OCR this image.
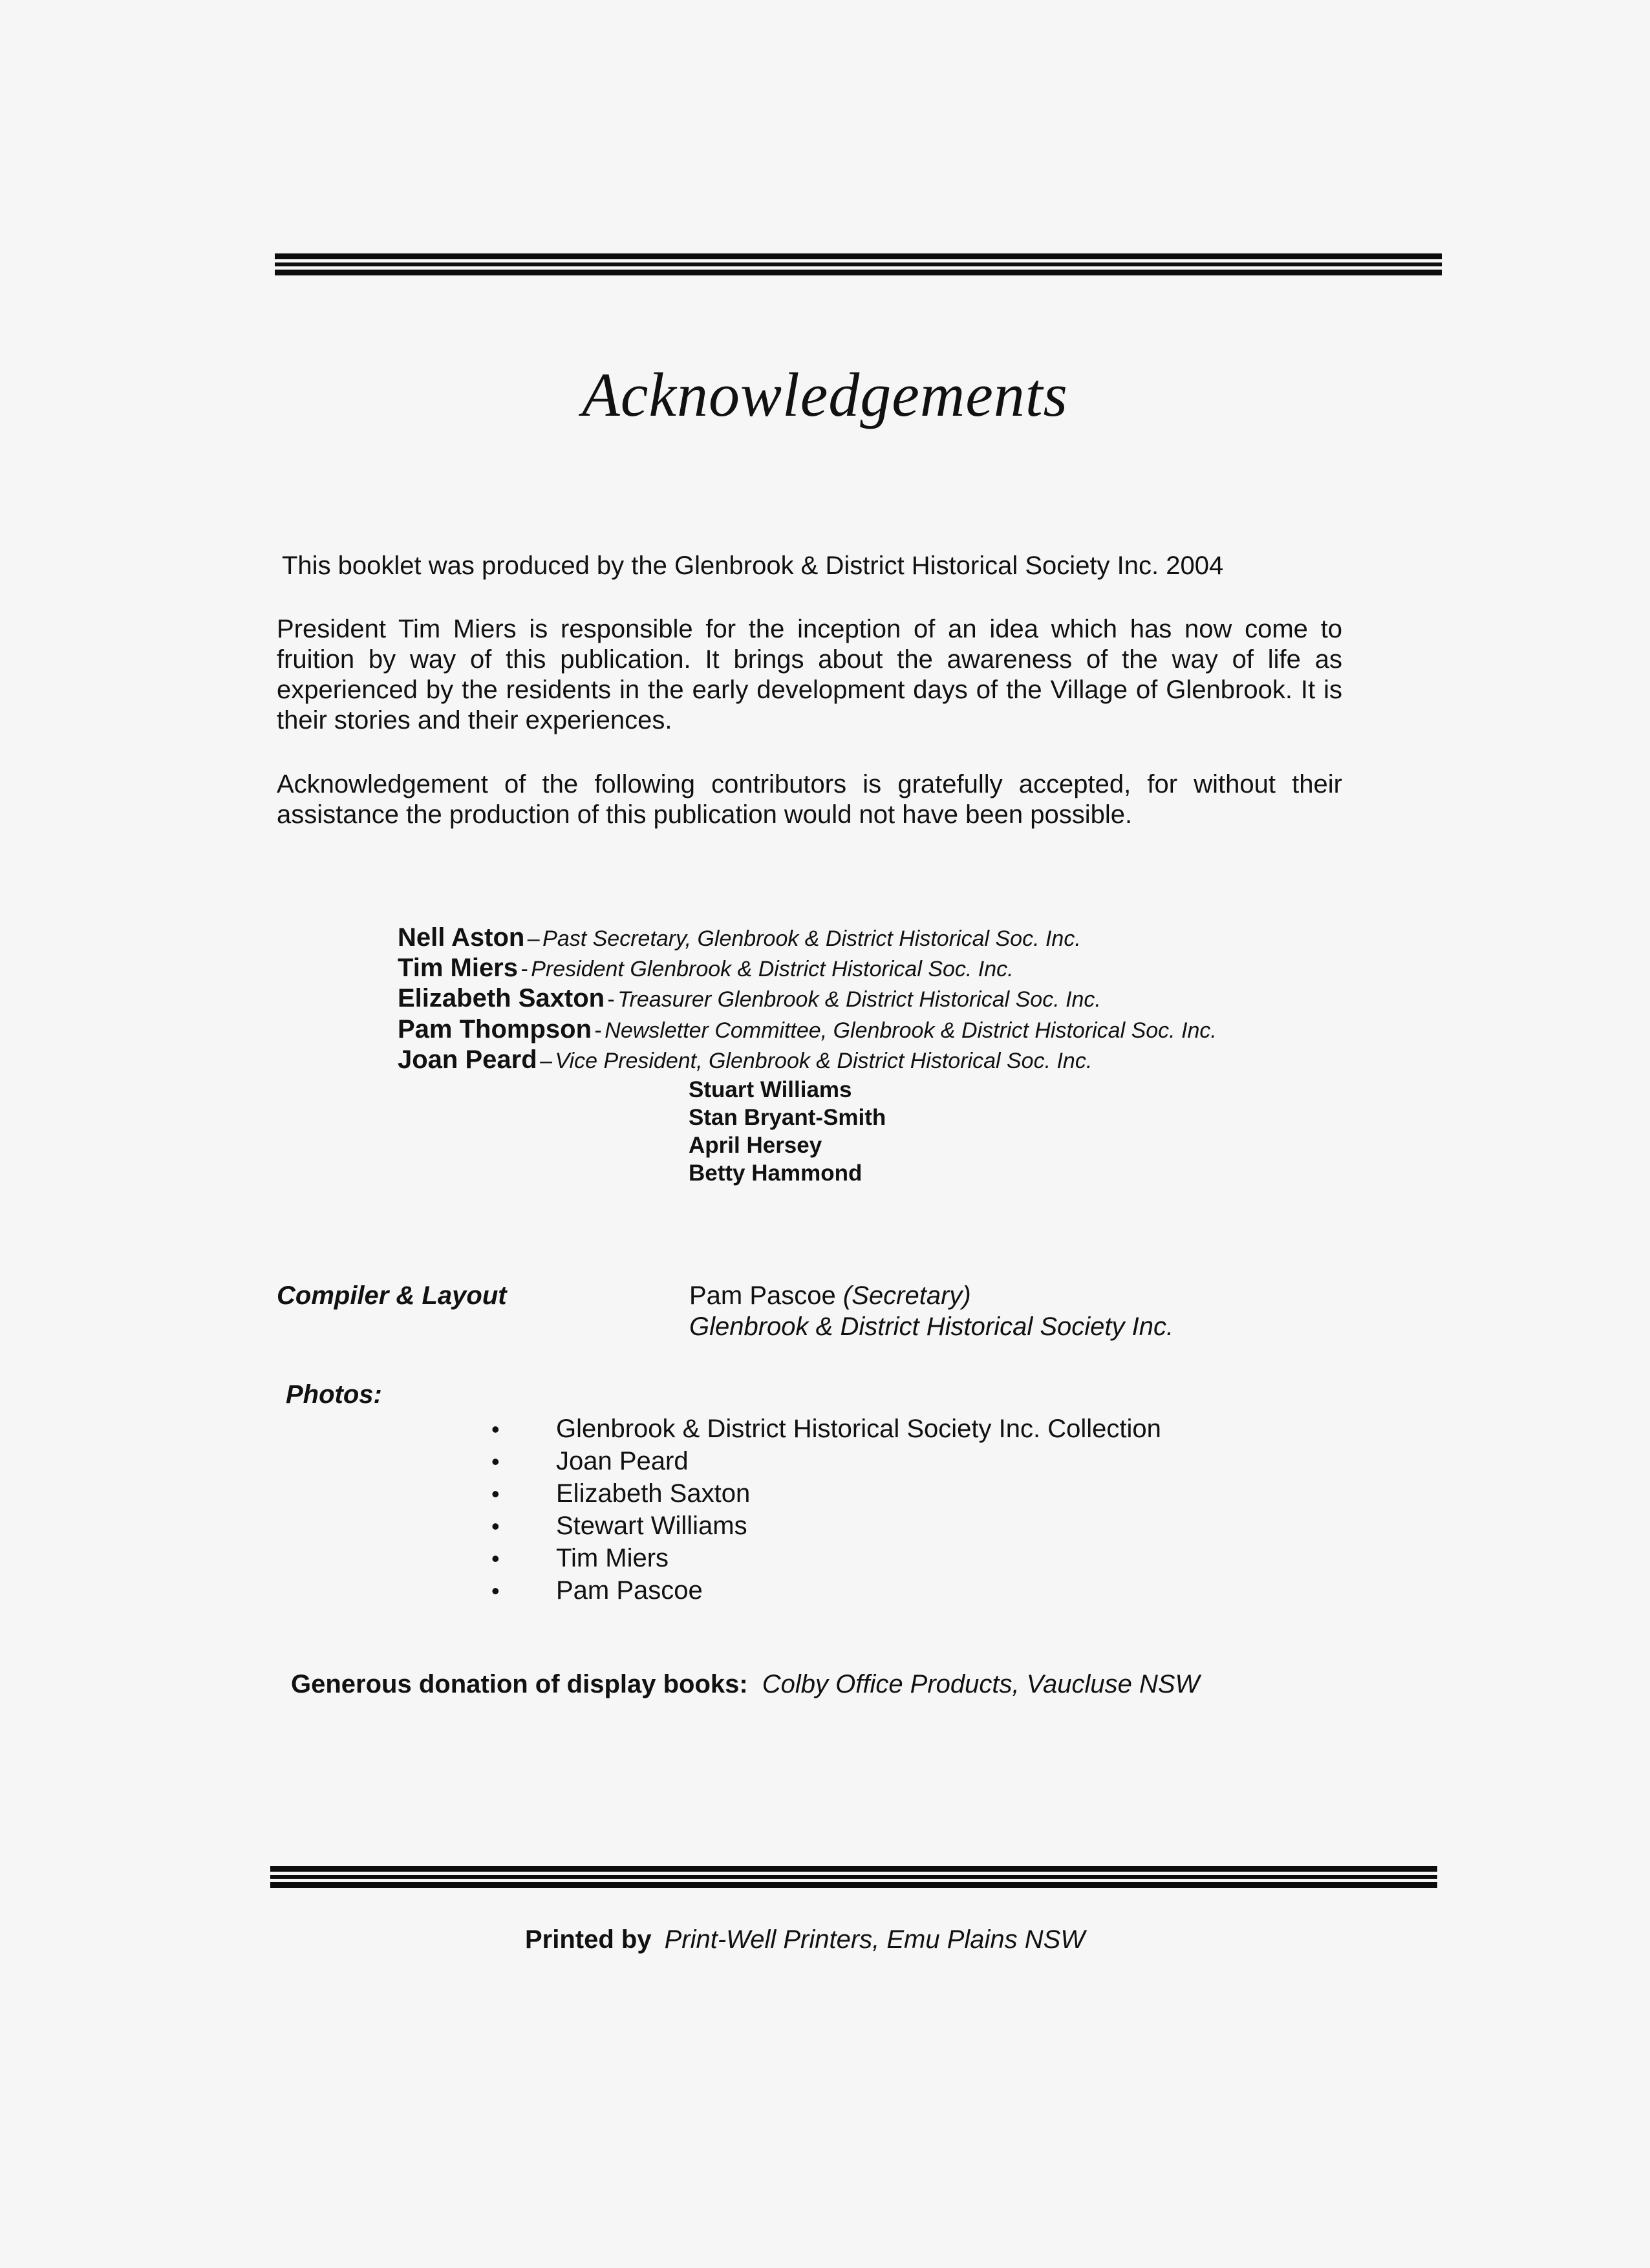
Acknowledgements
This booklet was produced by the Glenbrook & District Historical Society Inc. 2004
President Tim Miers is responsible for the inception of an idea which has now come to fruition by way of this publication. It brings about the awareness of the way of life as experienced by the residents in the early development days of the Village of Glenbrook. It is their stories and their experiences.
Acknowledgement of the following contributors is gratefully accepted, for without their assistance the production of this publication would not have been possible.
Nell Aston – Past Secretary, Glenbrook & District Historical Soc. Inc.
Tim Miers - President Glenbrook & District Historical Soc. Inc.
Elizabeth Saxton - Treasurer Glenbrook & District Historical Soc. Inc.
Pam Thompson - Newsletter Committee, Glenbrook & District Historical Soc. Inc.
Joan Peard – Vice President, Glenbrook & District Historical Soc. Inc.
Stuart Williams
Stan Bryant-Smith
April Hersey
Betty Hammond
Compiler & Layout	Pam Pascoe (Secretary)
Glenbrook & District Historical Society Inc.
Photos:
• Glenbrook & District Historical Society Inc. Collection
• Joan Peard
• Elizabeth Saxton
• Stewart Williams
• Tim Miers
• Pam Pascoe
Generous donation of display books: Colby Office Products, Vaucluse NSW
Printed by Print-Well Printers, Emu Plains NSW
